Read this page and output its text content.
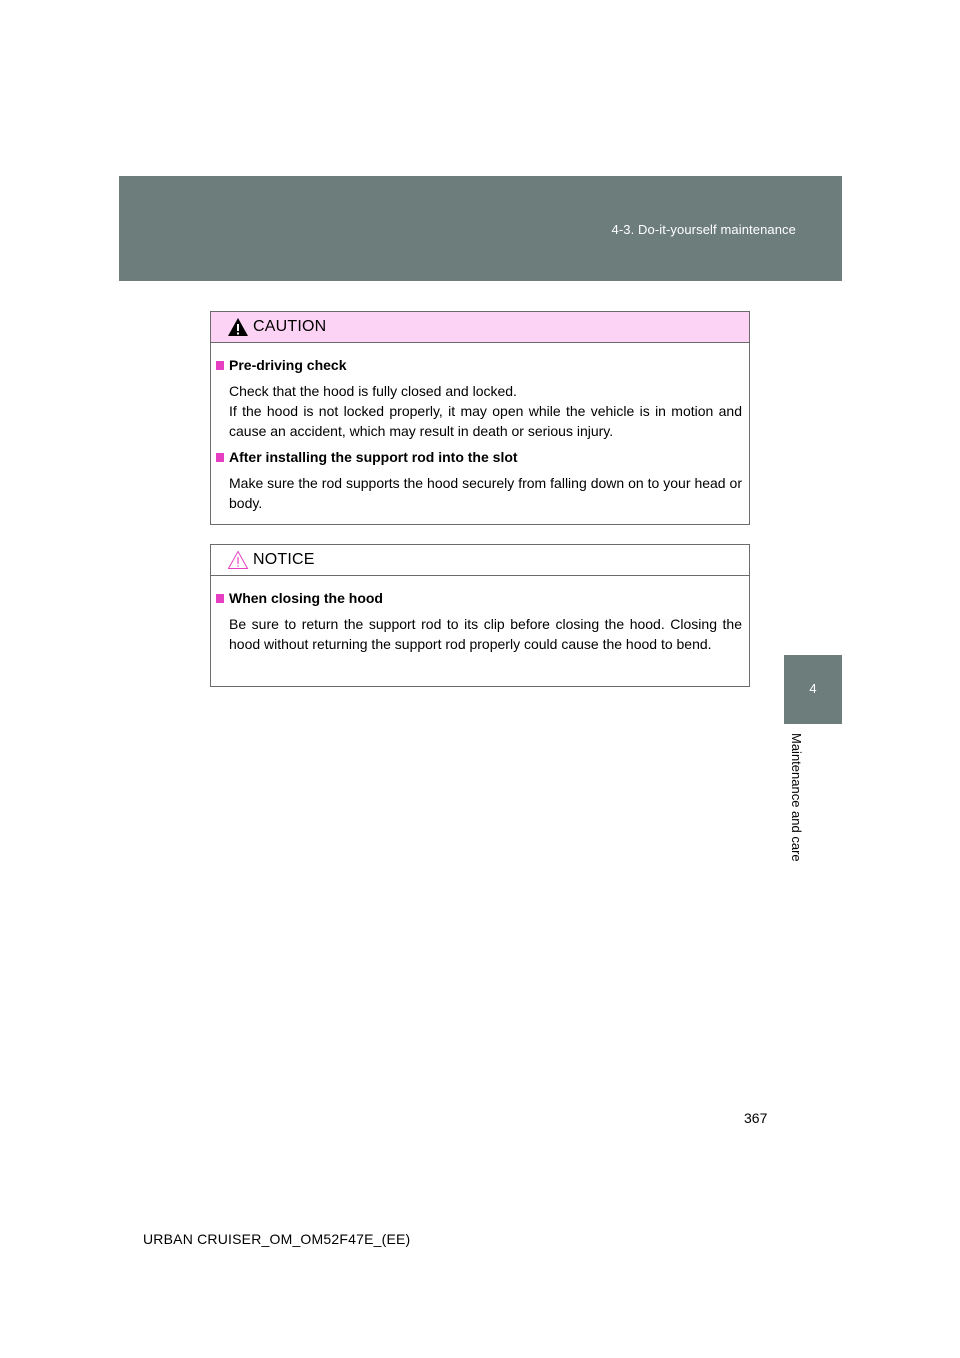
4-3. Do-it-yourself maintenance
4
Maintenance and care
CAUTION
Pre-driving check
Check that the hood is fully closed and locked.
If the hood is not locked properly, it may open while the vehicle is in motion and cause an accident, which may result in death or serious injury.
After installing the support rod into the slot
Make sure the rod supports the hood securely from falling down on to your head or body.
NOTICE
When closing the hood
Be sure to return the support rod to its clip before closing the hood. Closing the hood without returning the support rod properly could cause the hood to bend.
367
URBAN CRUISER_OM_OM52F47E_(EE)
